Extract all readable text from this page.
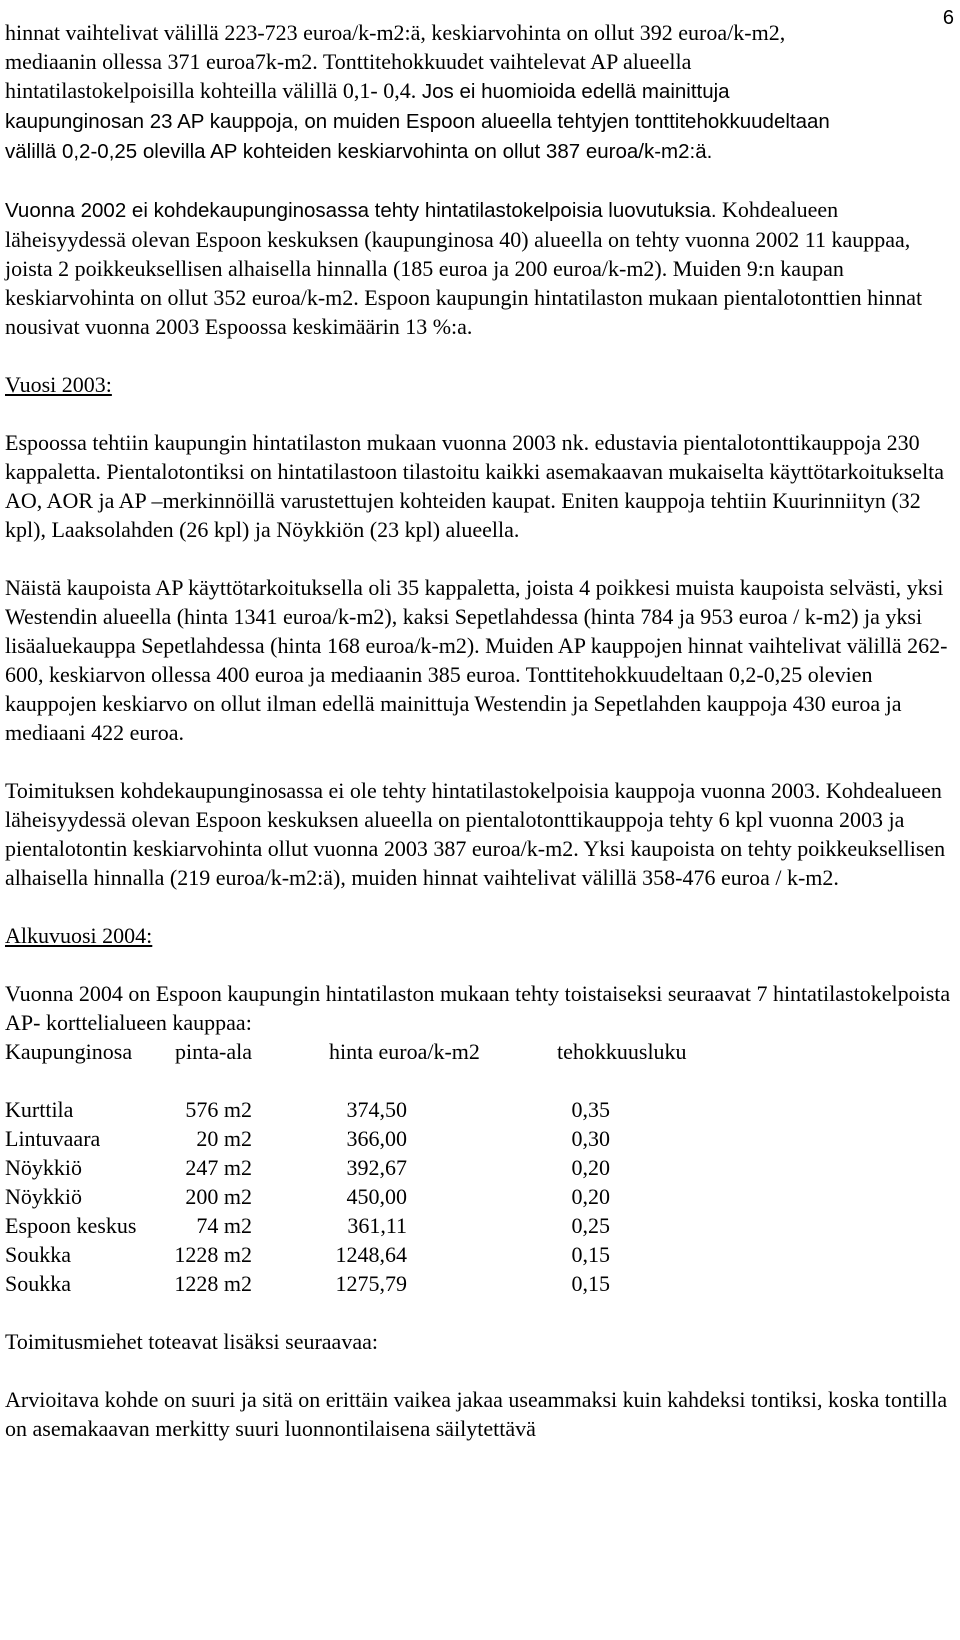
6

hinnat vaihtelivat välillä 223-723 euroa/k-m2:ä, keskiarvohinta on ollut 392 euroa/k-m2,
mediaanin ollessa 371 euroa7k-m2. Tonttitehokkuudet vaihtelevat AP alueella
hintatilastokelpoisilla kohteilla välillä 0,1- 0,4. Jos ei huomioida edellä mainittuja
kaupunginosan 23 AP kauppoja, on muiden Espoon alueella tehtyjen tonttitehokkuudeltaan
välillä 0,2-0,25 olevilla AP kohteiden keskiarvohinta on ollut 387 euroa/k-m2:ä.

Vuonna 2002 ei kohdekaupunginosassa tehty hintatilastokelpoisia luovutuksia. Kohdealueen läheisyydessä olevan Espoon keskuksen (kaupunginosa 40) alueella on tehty vuonna 2002 11 kauppaa, joista 2 poikkeuksellisen alhaisella hinnalla (185 euroa ja 200 euroa/k-m2). Muiden 9:n kaupan keskiarvohinta on ollut 352 euroa/k-m2. Espoon kaupungin hintatilaston mukaan pientalotonttien hinnat nousivat vuonna 2003 Espoossa keskimäärin 13 %:a.

Vuosi 2003:

Espoossa tehtiin kaupungin hintatilaston mukaan vuonna 2003 nk. edustavia pientalotonttikauppoja 230 kappaletta. Pientalotontiksi on hintatilastoon tilastoitu kaikki asemakaavan mukaiselta käyttötarkoitukselta AO, AOR ja AP –merkinnöillä varustettujen kohteiden kaupat. Eniten kauppoja tehtiin Kuurinniityn (32 kpl), Laaksolahden (26 kpl) ja Nöykkiön (23 kpl) alueella.

Näistä kaupoista AP käyttötarkoituksella oli 35 kappaletta, joista 4 poikkesi muista kaupoista selvästi, yksi Westendin alueella (hinta 1341 euroa/k-m2), kaksi Sepetlahdessa (hinta 784 ja 953 euroa / k-m2) ja yksi lisäaluekauppa Sepetlahdessa (hinta 168 euroa/k-m2). Muiden AP kauppojen hinnat vaihtelivat välillä 262-600, keskiarvon ollessa 400 euroa ja mediaanin 385 euroa. Tonttitehokkuudeltaan 0,2-0,25 olevien kauppojen keskiarvo on ollut ilman edellä mainittuja Westendin ja Sepetlahden kauppoja 430 euroa ja mediaani 422 euroa.

Toimituksen kohdekaupunginosassa ei ole tehty hintatilastokelpoisia kauppoja vuonna 2003. Kohdealueen läheisyydessä olevan Espoon keskuksen alueella on pientalotonttikauppoja tehty 6 kpl vuonna 2003 ja pientalotontin keskiarvohinta ollut vuonna 2003 387 euroa/k-m2. Yksi kaupoista on tehty poikkeuksellisen alhaisella hinnalla (219 euroa/k-m2:ä), muiden hinnat vaihtelivat välillä 358-476 euroa / k-m2.

Alkuvuosi 2004:

Vuonna 2004 on Espoon kaupungin hintatilaston mukaan tehty toistaiseksi seuraavat 7 hintatilastokelpoista AP- korttelialueen kauppaa:

Kaupunginosa	pinta-ala	hinta euroa/k-m2	tehokkuusluku
Kurttila	576 m2	374,50	0,35
Lintuvaara	20 m2	366,00	0,30
Nöykkiö	247 m2	392,67	0,20
Nöykkiö	200 m2	450,00	0,20
Espoon keskus	74 m2	361,11	0,25
Soukka	1228 m2	1248,64	0,15
Soukka	1228 m2	1275,79	0,15

Toimitusmiehet toteavat lisäksi seuraavaa:

Arvioitava kohde on suuri ja sitä on erittäin vaikea jakaa useammaksi kuin kahdeksi tontiksi, koska tontilla on asemakaavan merkitty suuri luonnontilaisena säilytettävä
